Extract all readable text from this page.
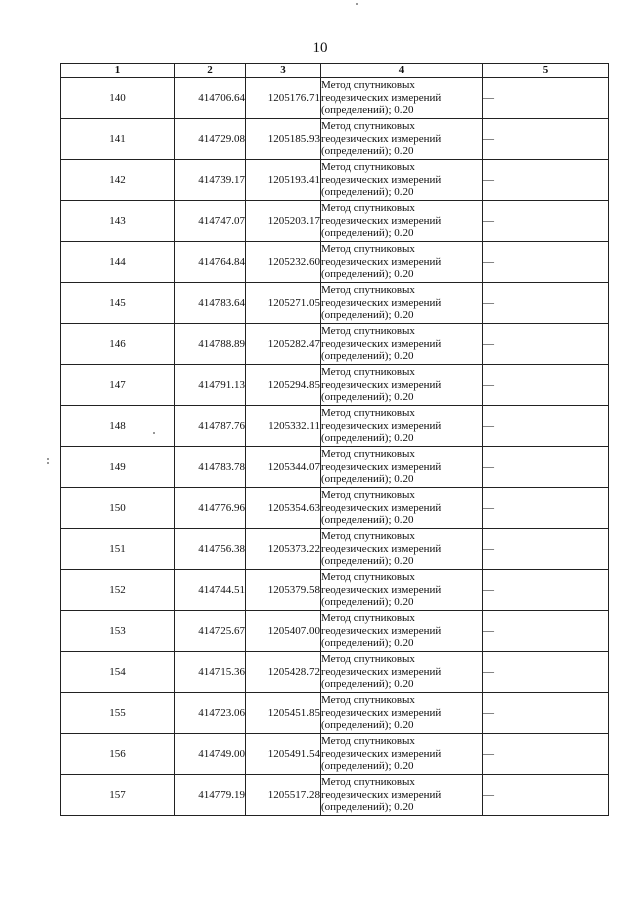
10
1	2	3	4	5
140	414706.64	1205176.71	Метод спутниковых
геодезических измерений
(определений); 0.20	—
141	414729.08	1205185.93	Метод спутниковых
геодезических измерений
(определений); 0.20	—
142	414739.17	1205193.41	Метод спутниковых
геодезических измерений
(определений); 0.20	—
143	414747.07	1205203.17	Метод спутниковых
геодезических измерений
(определений); 0.20	—
144	414764.84	1205232.60	Метод спутниковых
геодезических измерений
(определений); 0.20	—
145	414783.64	1205271.05	Метод спутниковых
геодезических измерений
(определений); 0.20	—
146	414788.89	1205282.47	Метод спутниковых
геодезических измерений
(определений); 0.20	—
147	414791.13	1205294.85	Метод спутниковых
геодезических измерений
(определений); 0.20	—
148	414787.76	1205332.11	Метод спутниковых
геодезических измерений
(определений); 0.20	—
149	414783.78	1205344.07	Метод спутниковых
геодезических измерений
(определений); 0.20	—
150	414776.96	1205354.63	Метод спутниковых
геодезических измерений
(определений); 0.20	—
151	414756.38	1205373.22	Метод спутниковых
геодезических измерений
(определений); 0.20	—
152	414744.51	1205379.58	Метод спутниковых
геодезических измерений
(определений); 0.20	—
153	414725.67	1205407.00	Метод спутниковых
геодезических измерений
(определений); 0.20	—
154	414715.36	1205428.72	Метод спутниковых
геодезических измерений
(определений); 0.20	—
155	414723.06	1205451.85	Метод спутниковых
геодезических измерений
(определений); 0.20	—
156	414749.00	1205491.54	Метод спутниковых
геодезических измерений
(определений); 0.20	—
157	414779.19	1205517.28	Метод спутниковых
геодезических измерений
(определений); 0.20	—
